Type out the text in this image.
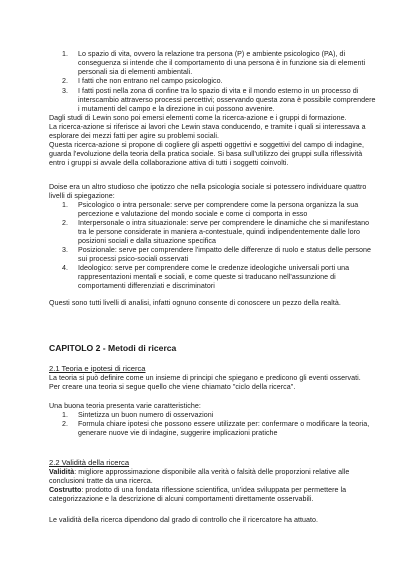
1. Lo spazio di vita, ovvero la relazione tra persona (P) e ambiente psicologico (PA), di
conseguenza si intende che il comportamento di una persona è in funzione sia di elementi
personali sia di elementi ambientali.
2. I fatti che non entrano nel campo psicologico.
3. I fatti posti nella zona di confine tra lo spazio di vita e il mondo esterno in un processo di
interscambio attraverso processi percettivi; osservando questa zona è possibile comprendere
i mutamenti del campo e la direzione in cui possono avvenire.
Dagli studi di Lewin sono poi emersi elementi come la ricerca-azione e i gruppi di formazione.
La ricerca-azione si riferisce ai lavori che Lewin stava conducendo, e tramite i quali si interessava a
esplorare dei mezzi fatti per agire su problemi sociali.
Questa ricerca-azione si propone di cogliere gli aspetti oggettivi e soggettivi del campo di indagine,
guarda l'evoluzione della teoria della pratica sociale. Si basa sull'utilizzo dei gruppi sulla riflessività
entro i gruppi si avvale della collaborazione attiva di tutti i soggetti coinvolti.
Doise era un altro studioso che ipotizzo che nella psicologia sociale si potessero individuare quattro
livelli di spiegazione:
1. Psicologico o intra personale: serve per comprendere come la persona organizza la sua
percezione e valutazione del mondo sociale e come ci comporta in esso
2. Interpersonale o intra situazionale: serve per comprendere le dinamiche che si manifestano
tra le persone considerate in maniera a-contestuale, quindi indipendentemente dalle loro
posizioni sociali e dalla situazione specifica
3. Posizionale: serve per comprendere l'impatto delle differenze di ruolo e status delle persone
sui processi psico-sociali osservati
4. Ideologico: serve per comprendere come le credenze ideologiche universali porti una
rappresentazioni mentali e sociali, e come queste si traducano nell'assunzione di
comportamenti differenziati e discriminatori
Questi sono tutti livelli di analisi, infatti ognuno consente di conoscere un pezzo della realtà.
CAPITOLO 2 - Metodi di ricerca
2.1 Teoria e ipotesi di ricerca
La teoria si può definire come un insieme di principi che spiegano e predicono gli eventi osservati.
Per creare una teoria si segue quello che viene chiamato "ciclo della ricerca".
Una buona teoria presenta varie caratteristiche:
1. Sintetizza un buon numero di osservazioni
2. Formula chiare ipotesi che possono essere utilizzate per: confermare o modificare la teoria,
generare nuove vie di indagine, suggerire implicazioni pratiche
2.2 Validità della ricerca
Validità: migliore approssimazione disponibile alla verità o falsità delle proporzioni relative alle
conclusioni tratte da una ricerca.
Costrutto: prodotto di una fondata riflessione scientifica, un'idea sviluppata per permettere la
categorizzazione e la descrizione di alcuni comportamenti direttamente osservabili.
Le validità della ricerca dipendono dal grado di controllo che il ricercatore ha attuato.
